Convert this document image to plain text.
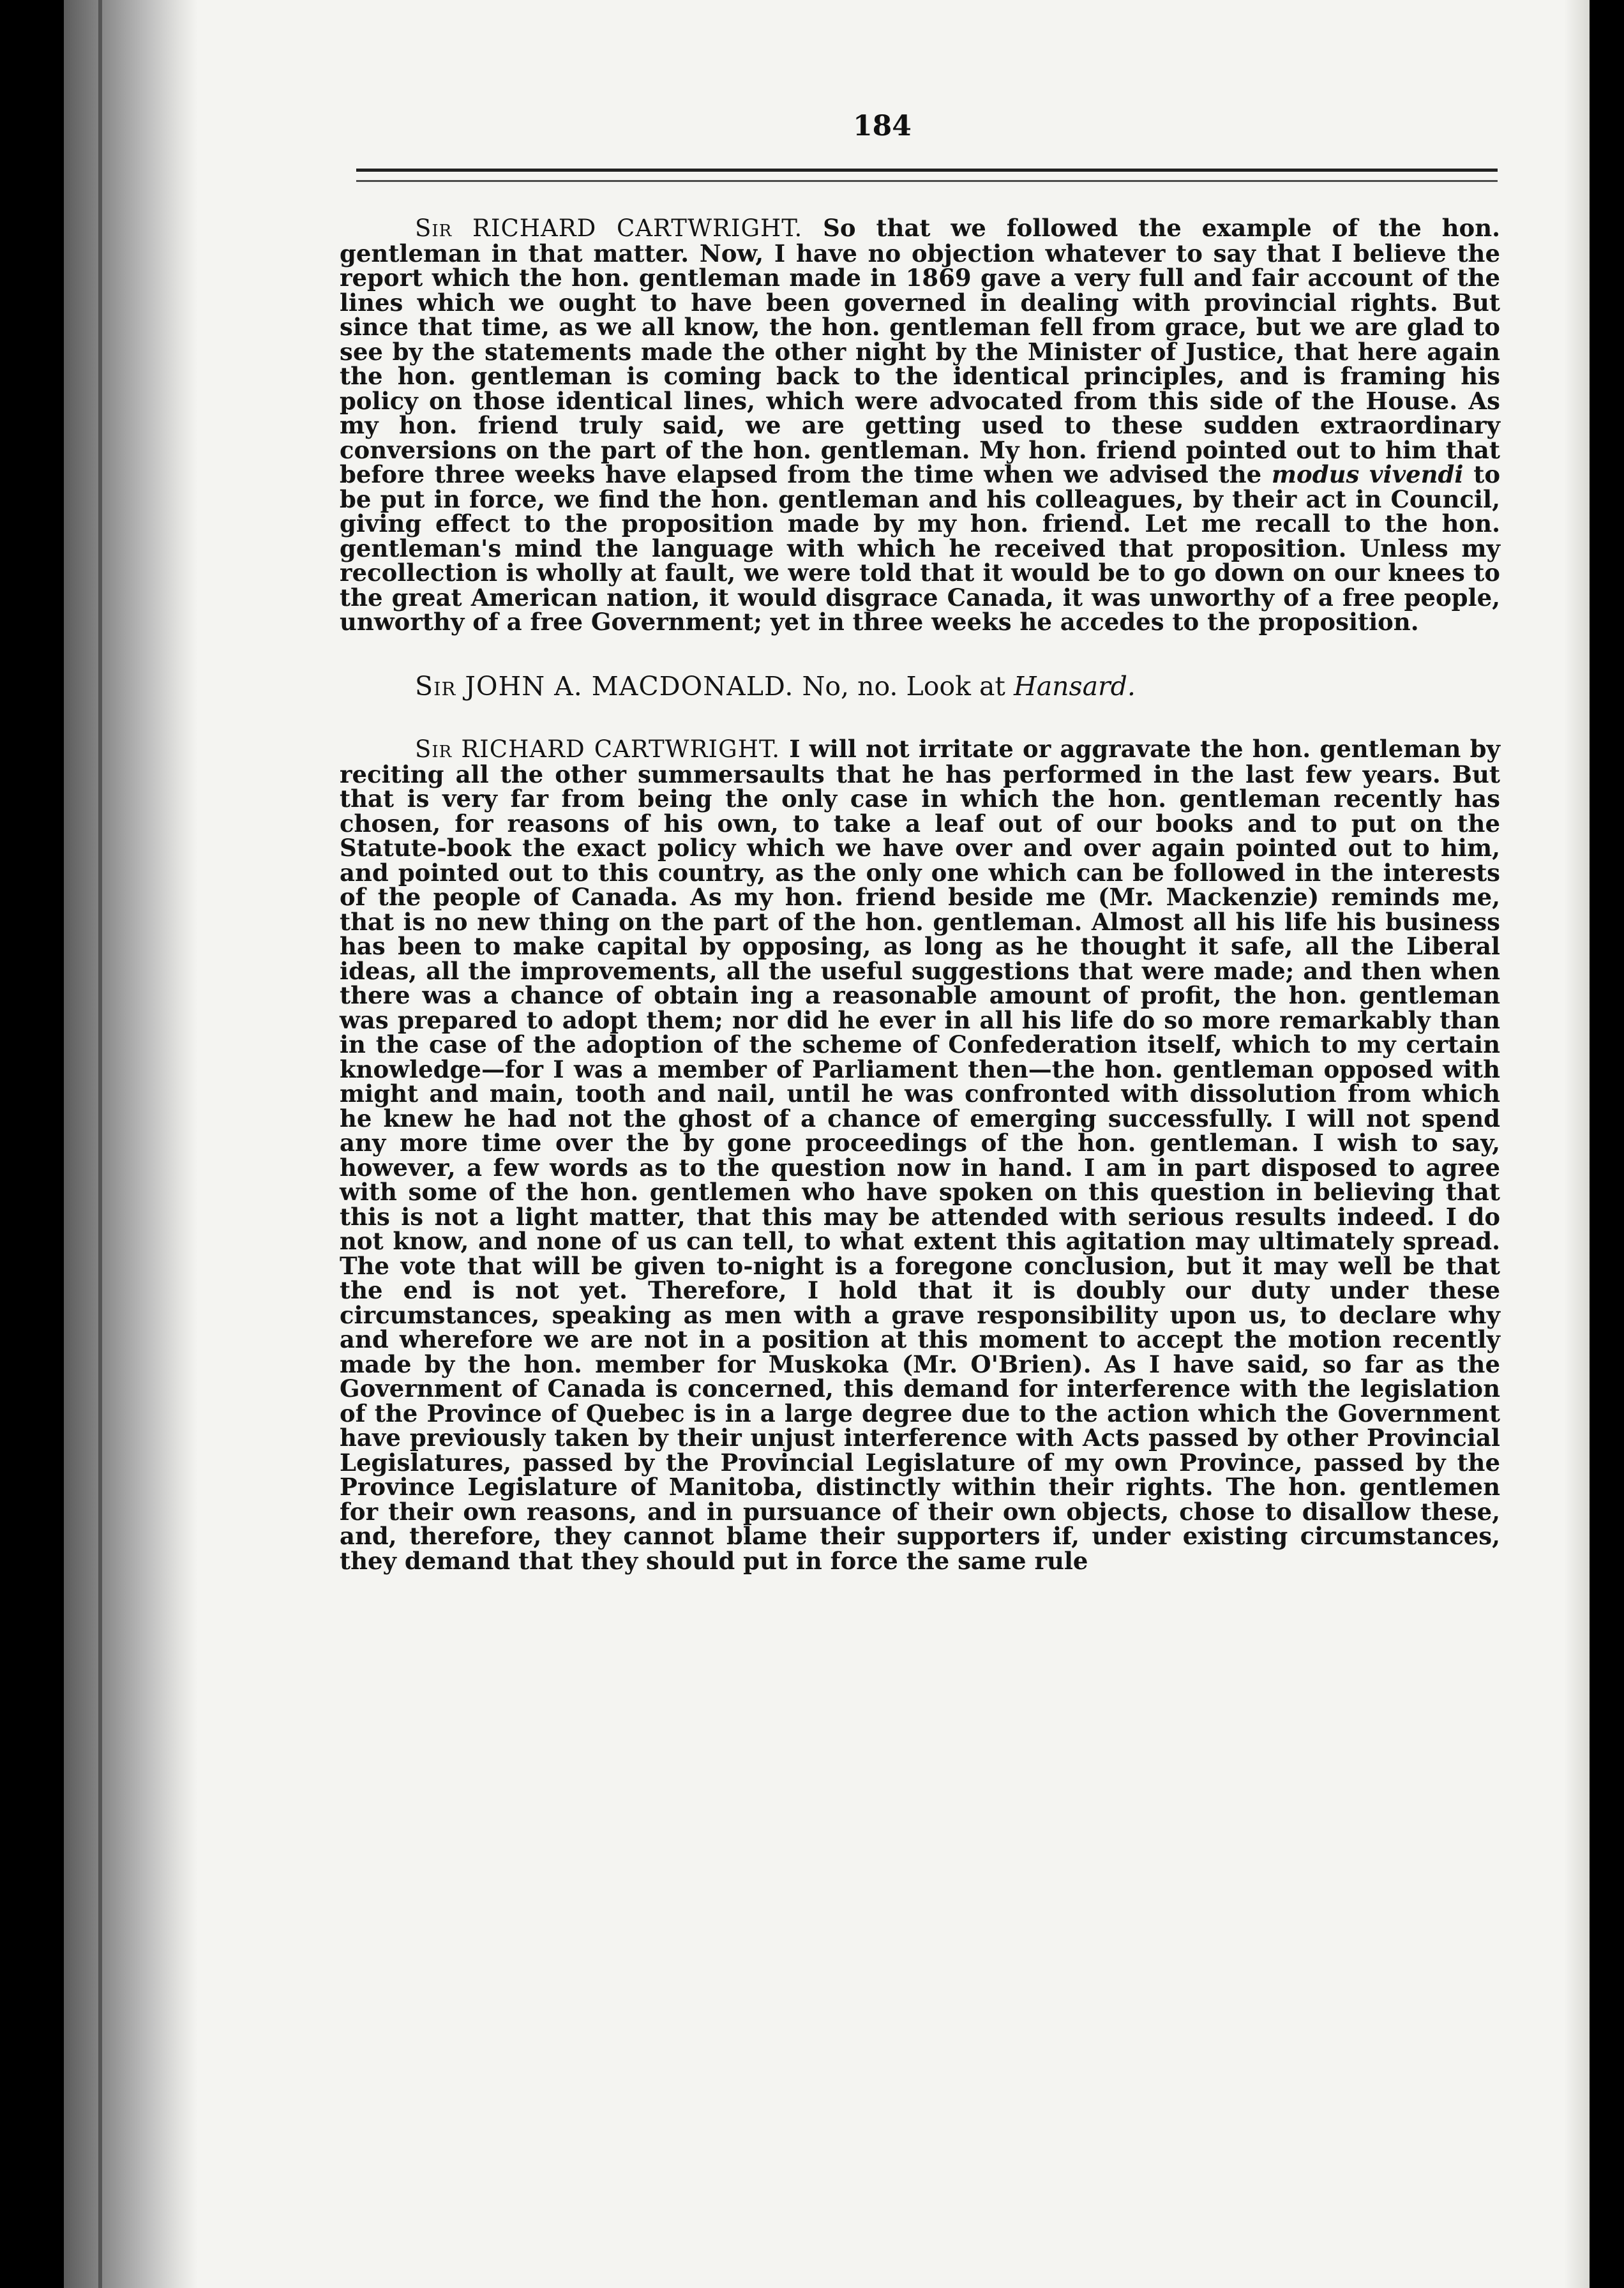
184

Sir RICHARD CARTWRIGHT. So that we followed the example of the hon. gentleman in that matter. Now, I have no objection whatever to say that I believe the report which the hon. gentleman made in 1869 gave a very full and fair account of the lines which we ought to have been governed in dealing with provincial rights. But since that time, as we all know, the hon. gentleman fell from grace, but we are glad to see by the statements made the other night by the Minister of Justice, that here again the hon. gentleman is coming back to the identical principles, and is framing his policy on those identical lines, which were advocated from this side of the House. As my hon. friend truly said, we are getting used to these sudden extraordinary conversions on the part of the hon. gentleman. My hon. friend pointed out to him that before three weeks have elapsed from the time when we advised the modus vivendi to be put in force, we find the hon. gentleman and his colleagues, by their act in Council, giving effect to the proposition made by my hon. friend. Let me recall to the hon. gentleman's mind the language with which he received that proposition. Unless my recollection is wholly at fault, we were told that it would be to go down on our knees to the great American nation, it would disgrace Canada, it was unworthy of a free people, unworthy of a free Government; yet in three weeks he accedes to the proposition.

Sir JOHN A. MACDONALD. No, no. Look at Hansard.

Sir RICHARD CARTWRIGHT. I will not irritate or aggravate the hon. gentleman by reciting all the other summersaults that he has performed in the last few years. But that is very far from being the only case in which the hon. gentleman recently has chosen, for reasons of his own, to take a leaf out of our books and to put on the Statute-book the exact policy which we have over and over again pointed out to him, and pointed out to this country, as the only one which can be followed in the interests of the people of Canada. As my hon. friend beside me (Mr. Mackenzie) reminds me, that is no new thing on the part of the hon. gentleman. Almost all his life his business has been to make capital by opposing, as long as he thought it safe, all the Liberal ideas, all the improvements, all the useful suggestions that were made; and then when there was a chance of obtain ing a reasonable amount of profit, the hon. gentleman was prepared to adopt them; nor did he ever in all his life do so more remarkably than in the case of the adoption of the scheme of Confederation itself, which to my certain knowledge—for I was a member of Parliament then—the hon. gentleman opposed with might and main, tooth and nail, until he was confronted with dissolution from which he knew he had not the ghost of a chance of emerging successfully. I will not spend any more time over the by gone proceedings of the hon. gentleman. I wish to say, however, a few words as to the question now in hand. I am in part disposed to agree with some of the hon. gentlemen who have spoken on this question in believing that this is not a light matter, that this may be attended with serious results indeed. I do not know, and none of us can tell, to what extent this agitation may ultimately spread. The vote that will be given to-night is a foregone conclusion, but it may well be that the end is not yet. Therefore, I hold that it is doubly our duty under these circumstances, speaking as men with a grave responsibility upon us, to declare why and wherefore we are not in a position at this moment to accept the motion recently made by the hon. member for Muskoka (Mr. O'Brien). As I have said, so far as the Government of Canada is concerned, this demand for interference with the legislation of the Province of Quebec is in a large degree due to the action which the Government have previously taken by their unjust interference with Acts passed by other Provincial Legislatures, passed by the Provincial Legislature of my own Province, passed by the Province Legislature of Manitoba, distinctly within their rights. The hon. gentlemen for their own reasons, and in pursuance of their own objects, chose to disallow these, and, therefore, they cannot blame their supporters if, under existing circumstances, they demand that they should put in force the same rule
